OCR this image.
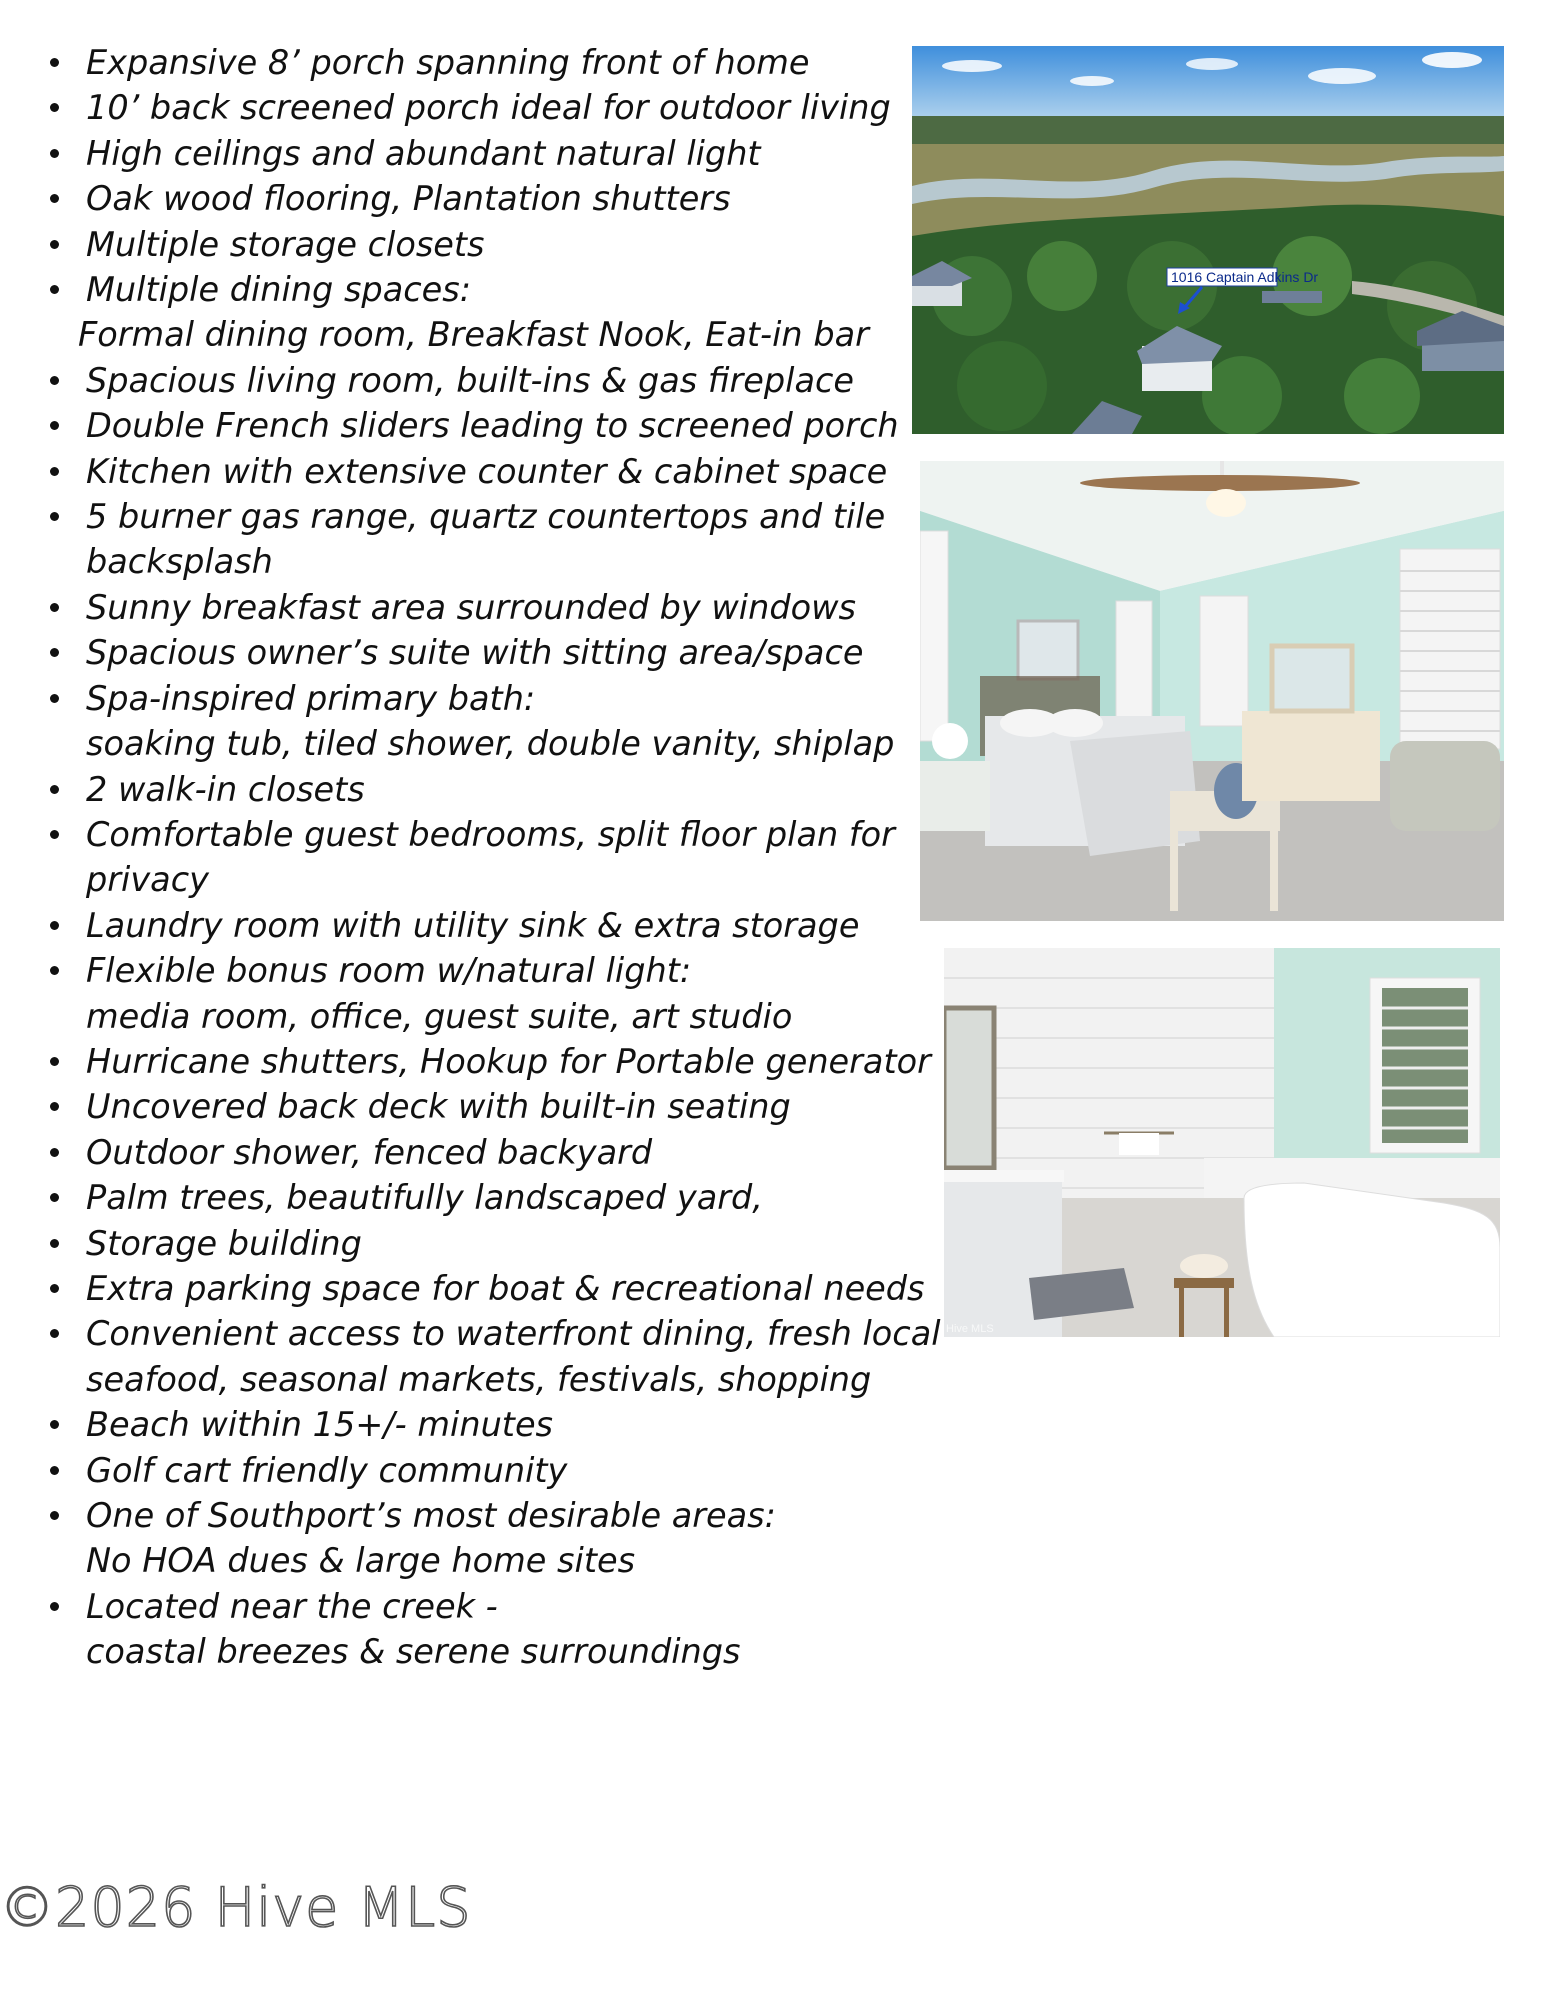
Expansive 8’ porch spanning front of home
10’ back screened porch ideal for outdoor living
High ceilings and abundant natural light
Oak wood flooring, Plantation shutters
Multiple storage closets
Multiple dining spaces:
Formal dining room, Breakfast Nook, Eat-in bar
Spacious living room, built-ins & gas fireplace
Double French sliders leading to screened porch
Kitchen with extensive counter & cabinet space
5 burner gas range, quartz countertops and tile
backsplash
Sunny breakfast area surrounded by windows
Spacious owner’s suite with sitting area/space
Spa-inspired primary bath:
soaking tub, tiled shower, double vanity, shiplap
2 walk-in closets
Comfortable guest bedrooms, split floor plan for
privacy
Laundry room with utility sink & extra storage
Flexible bonus room w/natural light:
media room, office, guest suite, art studio
Hurricane shutters, Hookup for Portable generator
Uncovered back deck with built-in seating
Outdoor shower, fenced backyard
Palm trees, beautifully landscaped yard,
Storage building
Extra parking space for boat & recreational needs
Convenient access to waterfront dining, fresh local
seafood, seasonal markets, festivals, shopping
Beach within 15+/- minutes
Golf cart friendly community
One of Southport’s most desirable areas:
No HOA dues & large home sites
Located near the creek -
coastal breezes & serene surroundings
1016 Captain Adkins Dr
Hive MLS
©2026 Hive MLS
